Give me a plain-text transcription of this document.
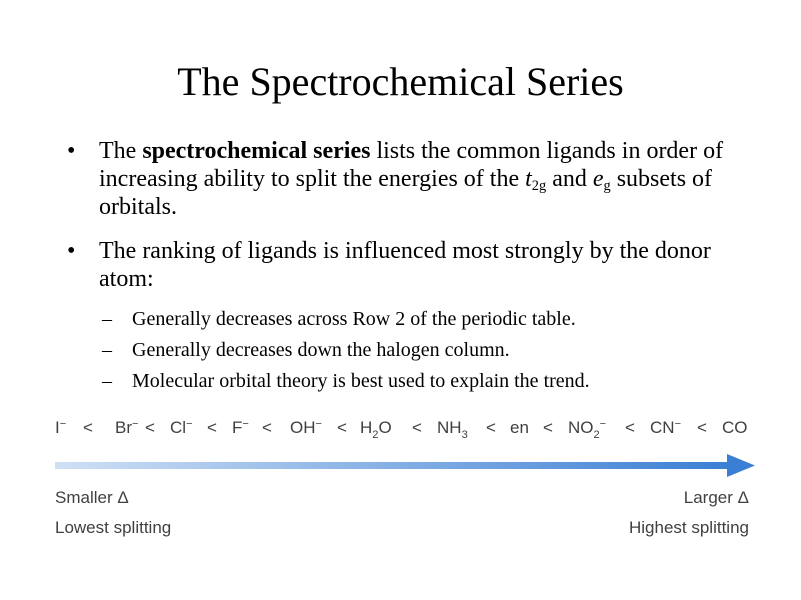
The Spectrochemical Series
• The spectrochemical series lists the common ligands in order of increasing ability to split the energies of the $t_{2g}$ and $e_g$ subsets of orbitals.
• The ranking of ligands is influenced most strongly by the donor atom:
– Generally decreases across Row 2 of the periodic table.
– Generally decreases down the halogen column.
– Molecular orbital theory is best used to explain the trend.
I−	Br− Cl− F− OH− $H_2O$	$NH_3$ en $NO_2^-$	CN− CO
<	<	<	<	<	<	<	<	<	<
Smaller Δ
Lowest splitting
Larger Δ
Highest splitting
